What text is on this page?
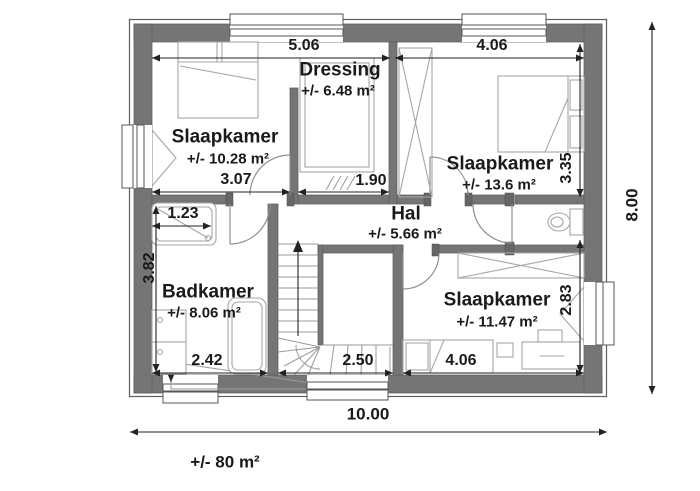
Slaapkamer
+/- 10.28 m²
3.07
Dressing
+/- 6.48 m²
1.90
Slaapkamer
+/- 13.6 m²
3.35
Hal
+/- 5.66 m²
Badkamer
+/- 8.06 m²
1.23
3.82
2.42	2.50
Slaapkamer
+/- 11.47 m²
4.06
2.83
5.06	4.06
8.00
10.00
+/- 80 m²
